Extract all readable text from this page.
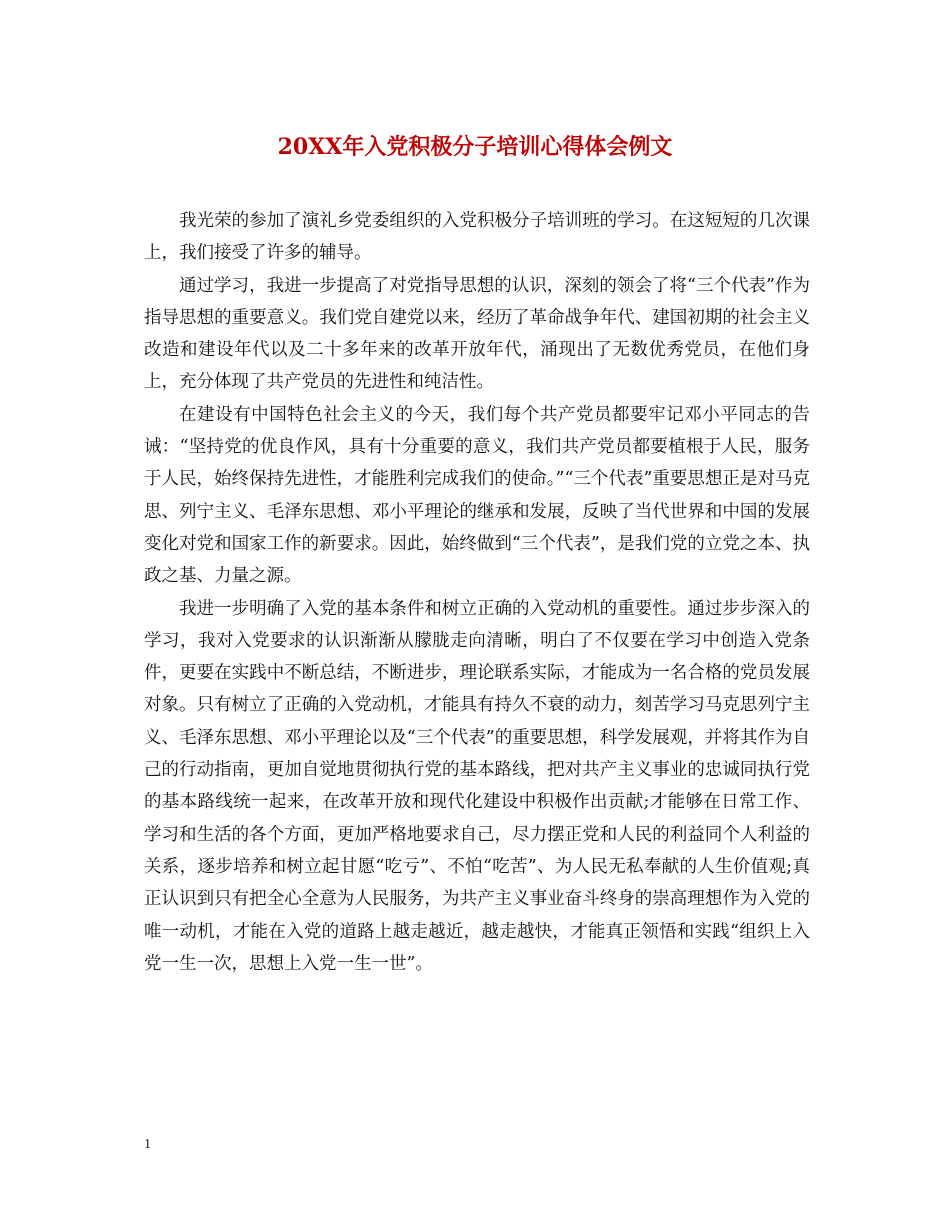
20XX年入党积极分子培训心得体会例文

我光荣的参加了演礼乡党委组织的入党积极分子培训班的学习。在这短短的几次课上，我们接受了许多的辅导。

通过学习，我进一步提高了对党指导思想的认识，深刻的领会了将“三个代表”作为指导思想的重要意义。我们党自建党以来，经历了革命战争年代、建国初期的社会主义改造和建设年代以及二十多年来的改革开放年代，涌现出了无数优秀党员，在他们身上，充分体现了共产党员的先进性和纯洁性。

在建设有中国特色社会主义的今天，我们每个共产党员都要牢记邓小平同志的告诫：“坚持党的优良作风，具有十分重要的意义，我们共产党员都要植根于人民，服务于人民，始终保持先进性，才能胜利完成我们的使命。”“三个代表”重要思想正是对马克思、列宁主义、毛泽东思想、邓小平理论的继承和发展，反映了当代世界和中国的发展变化对党和国家工作的新要求。因此，始终做到“三个代表”，是我们党的立党之本、执政之基、力量之源。

我进一步明确了入党的基本条件和树立正确的入党动机的重要性。通过步步深入的学习，我对入党要求的认识渐渐从朦胧走向清晰，明白了不仅要在学习中创造入党条件，更要在实践中不断总结，不断进步，理论联系实际，才能成为一名合格的党员发展对象。只有树立了正确的入党动机，才能具有持久不衰的动力，刻苦学习马克思列宁主义、毛泽东思想、邓小平理论以及“三个代表”的重要思想，科学发展观，并将其作为自己的行动指南，更加自觉地贯彻执行党的基本路线，把对共产主义事业的忠诚同执行党的基本路线统一起来，在改革开放和现代化建设中积极作出贡献;才能够在日常工作、学习和生活的各个方面，更加严格地要求自己，尽力摆正党和人民的利益同个人利益的关系，逐步培养和树立起甘愿“吃亏”、不怕“吃苦”、为人民无私奉献的人生价值观;真正认识到只有把全心全意为人民服务，为共产主义事业奋斗终身的崇高理想作为入党的唯一动机，才能在入党的道路上越走越近，越走越快，才能真正领悟和实践“组织上入党一生一次，思想上入党一生一世”。

1
